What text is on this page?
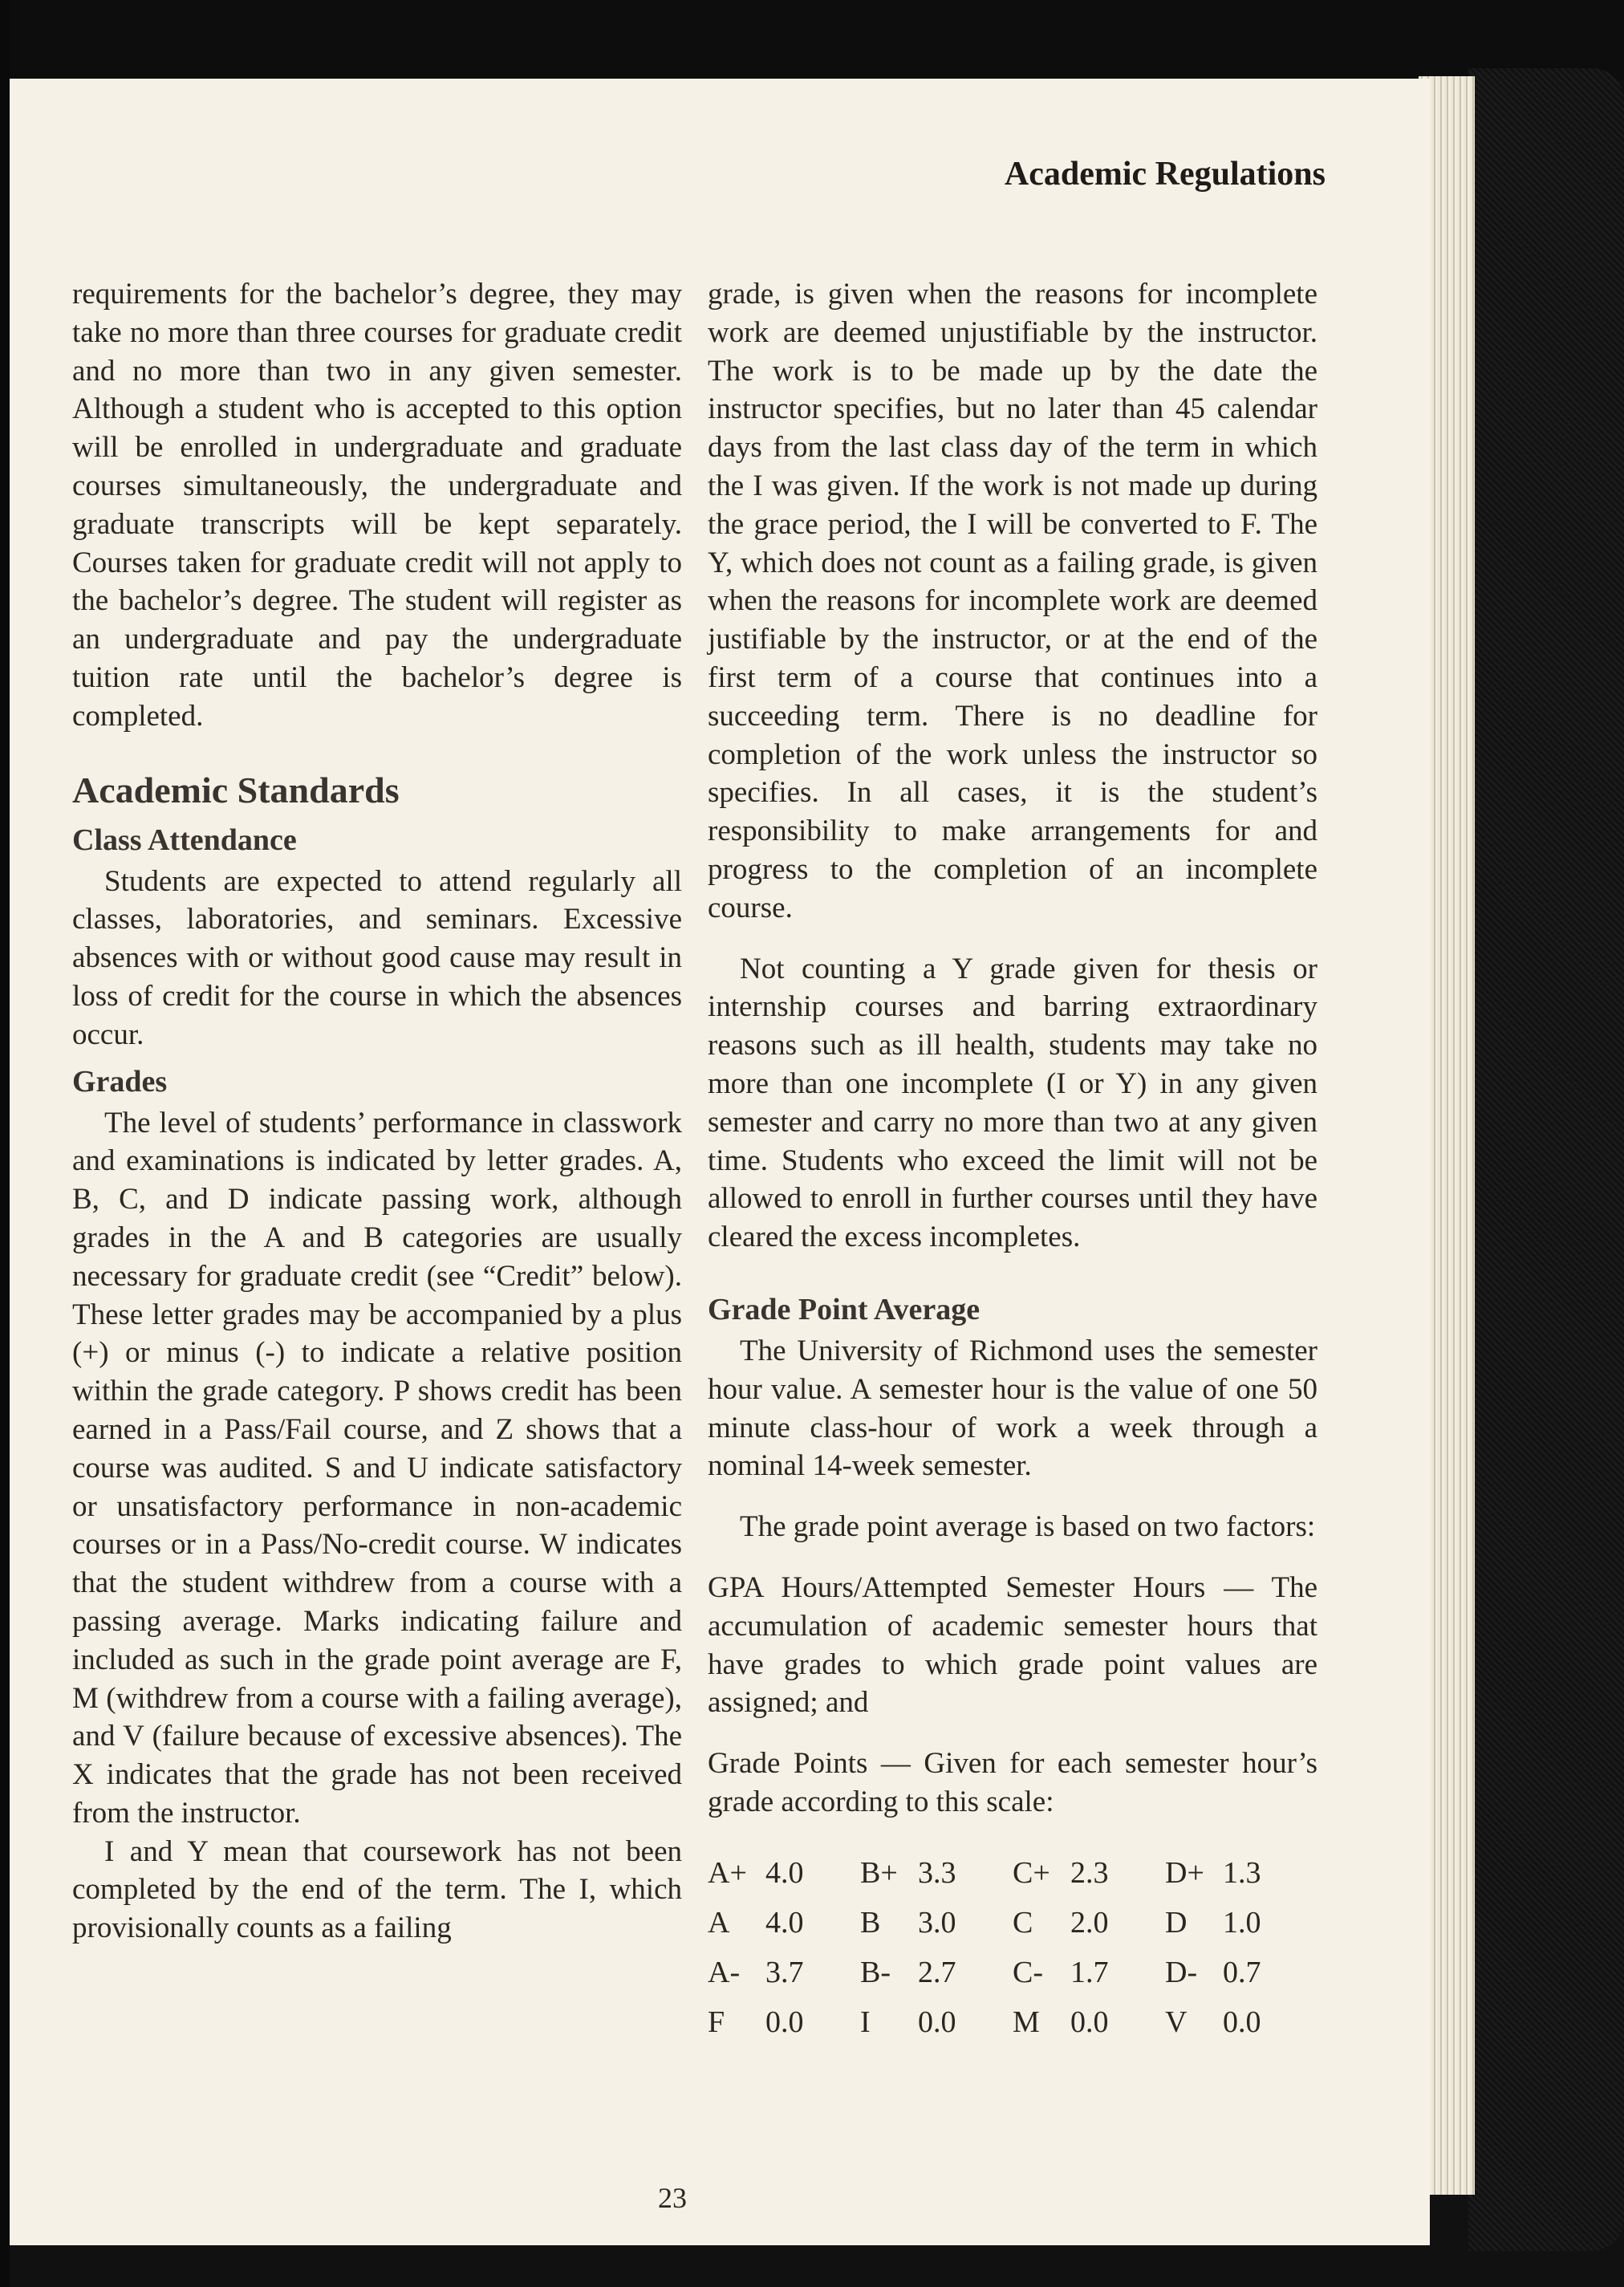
Academic Regulations

requirements for the bachelor’s degree, they may take no more than three courses for graduate credit and no more than two in any given semester. Although a student who is accepted to this option will be enrolled in undergraduate and graduate courses simultaneously, the undergraduate and graduate transcripts will be kept separately. Courses taken for graduate credit will not apply to the bachelor’s degree. The student will register as an undergraduate and pay the undergraduate tuition rate until the bachelor’s degree is completed.

Academic Standards
Class Attendance

Students are expected to attend regularly all classes, laboratories, and seminars. Excessive absences with or without good cause may result in loss of credit for the course in which the absences occur.

Grades

The level of students’ performance in classwork and examinations is indicated by letter grades. A, B, C, and D indicate passing work, although grades in the A and B categories are usually necessary for graduate credit (see “Credit” below). These letter grades may be accompanied by a plus (+) or minus (-) to indicate a relative position within the grade category. P shows credit has been earned in a Pass/Fail course, and Z shows that a course was audited. S and U indicate satisfactory or unsatisfactory performance in non-academic courses or in a Pass/No-credit course. W indicates that the student withdrew from a course with a passing average. Marks indicating failure and included as such in the grade point average are F, M (withdrew from a course with a failing average), and V (failure because of excessive absences). The X indicates that the grade has not been received from the instructor.

I and Y mean that coursework has not been completed by the end of the term. The I, which provisionally counts as a failing

grade, is given when the reasons for incomplete work are deemed unjustifiable by the instructor. The work is to be made up by the date the instructor specifies, but no later than 45 calendar days from the last class day of the term in which the I was given. If the work is not made up during the grace period, the I will be converted to F. The Y, which does not count as a failing grade, is given when the reasons for incomplete work are deemed justifiable by the instructor, or at the end of the first term of a course that continues into a succeeding term. There is no deadline for completion of the work unless the instructor so specifies. In all cases, it is the student’s responsibility to make arrangements for and progress to the completion of an incomplete course.

Not counting a Y grade given for thesis or internship courses and barring extraordinary reasons such as ill health, students may take no more than one incomplete (I or Y) in any given semester and carry no more than two at any given time. Students who exceed the limit will not be allowed to enroll in further courses until they have cleared the excess incompletes.

Grade Point Average

The University of Richmond uses the semester hour value. A semester hour is the value of one 50 minute class-hour of work a week through a nominal 14-week semester.

The grade point average is based on two factors:

GPA Hours/Attempted Semester Hours — The accumulation of academic semester hours that have grades to which grade point values are assigned; and

Grade Points — Given for each semester hour’s grade according to this scale:

A+ 4.0 B+ 3.3 C+ 2.3 D+ 1.3
A	4.0 B	3.0 C	2.0 D	1.0
A- 3.7 B- 2.7 C- 1.7 D- 0.7
F	0.0 I	0.0 M	0.0 V	0.0
23
